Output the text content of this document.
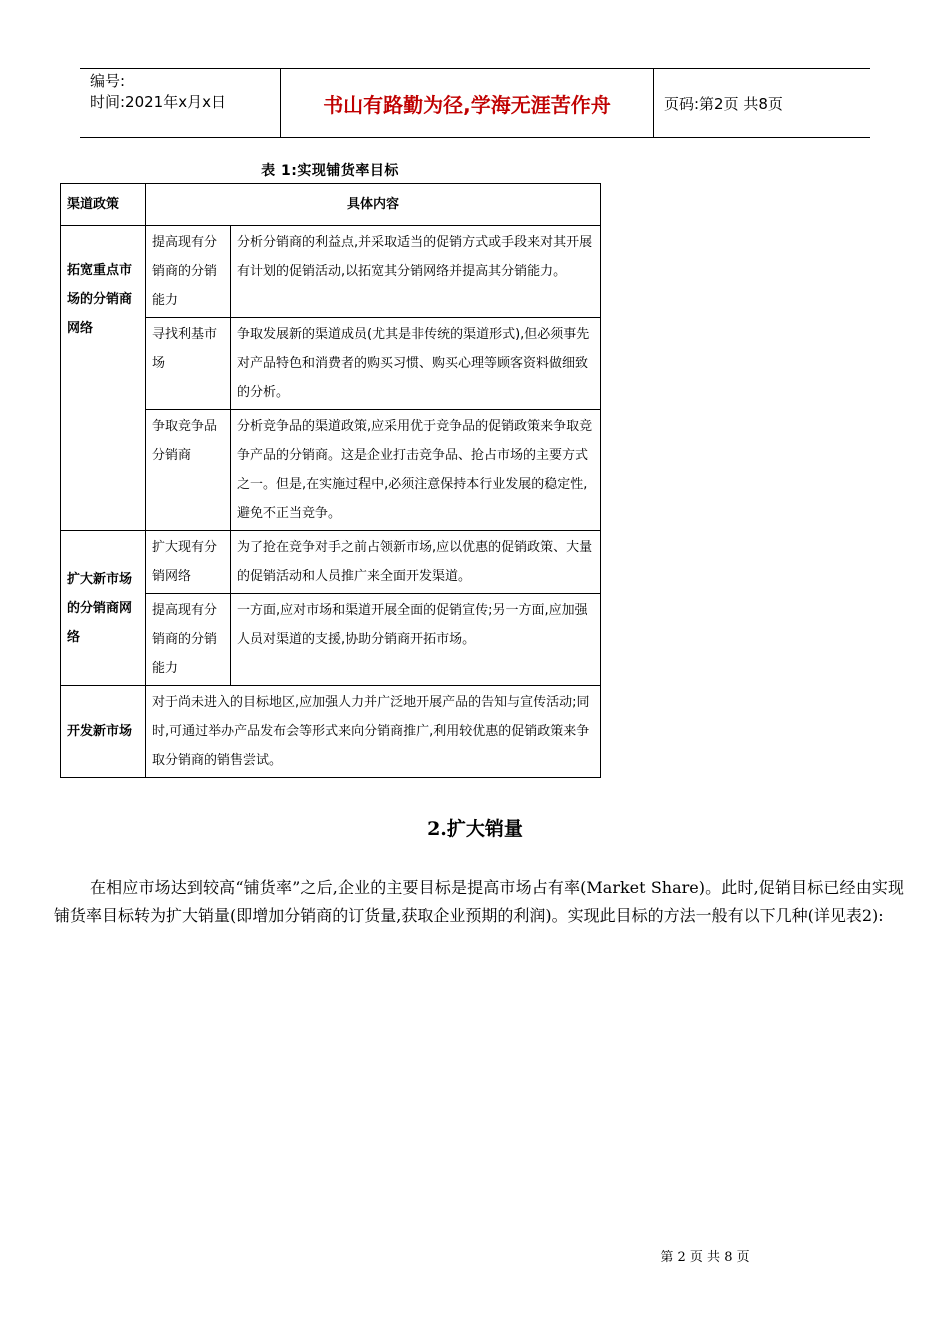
编号:
时间:2021年x月x日	书山有路勤为径,学海无涯苦作舟	页码:第2页 共8页
表 1:实现铺货率目标
渠道政策	具体内容	
拓宽重点市场的分销商网络	提高现有分销商的分销能力	分析分销商的利益点,并采取适当的促销方式或手段来对其开展有计划的促销活动,以拓宽其分销网络并提高其分销能力。
	寻找利基市场	争取发展新的渠道成员(尤其是非传统的渠道形式),但必须事先对产品特色和消费者的购买习惯、购买心理等顾客资料做细致的分析。
	争取竞争品分销商	分析竞争品的渠道政策,应采用优于竞争品的促销政策来争取竞争产品的分销商。这是企业打击竞争品、抢占市场的主要方式之一。但是,在实施过程中,必须注意保持本行业发展的稳定性,避免不正当竞争。
扩大新市场的分销商网络	扩大现有分销网络	为了抢在竞争对手之前占领新市场,应以优惠的促销政策、大量的促销活动和人员推广来全面开发渠道。
	提高现有分销商的分销能力	一方面,应对市场和渠道开展全面的促销宣传;另一方面,应加强人员对渠道的支援,协助分销商开拓市场。
开发新市场	对于尚未进入的目标地区,应加强人力并广泛地开展产品的告知与宣传活动;同时,可通过举办产品发布会等形式来向分销商推广,利用较优惠的促销政策来争取分销商的销售尝试。	
2.扩大销量
在相应市场达到较高“铺货率”之后,企业的主要目标是提高市场占有率(Market Share)。此时,促销目标已经由实现铺货率目标转为扩大销量(即增加分销商的订货量,获取企业预期的利润)。实现此目标的方法一般有以下几种(详见表2):
第 2 页 共 8 页
